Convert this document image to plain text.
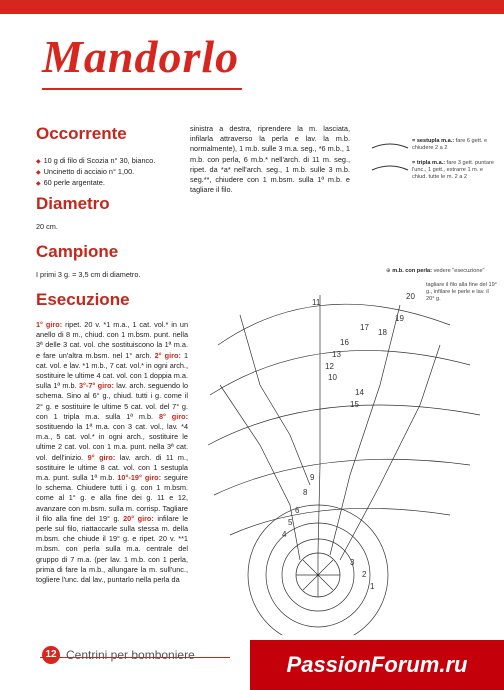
Mandorlo
Occorrente
◆ 10 g di filo di Scozia n° 30, bianco.
◆ Uncinetto di acciaio n° 1,00.
◆ 60 perle argentate.
Diametro

20 cm.

Campione

I primi 3 g. = 3,5 cm di diametro.

Esecuzione
1° giro: ripet. 20 v. *1 m.a., 1 cat. vol.* in un anello di 8 m., chiud. con 1 m.bsm. punt. nella 3ª delle 3 cat. vol. che sostituiscono la 1ª m.a. e fare un'altra m.bsm. nel 1° arch. 2° giro: 1 cat. vol. e lav. *1 m.b., 7 cat. vol.* in ogni arch., sostituire le ultime 4 cat. vol. con 1 doppia m.a. sulla 1ª m.b. 3°-7° giro: lav. arch. seguendo lo schema. Sino al 6° g., chiud. tutti i g. come il 2° g. e sostituire le ultime 5 cat. vol. del 7° g. con 1 tripla m.a. sulla 1ª m.b. 8° giro: sostituendo la 1ª m.a. con 3 cat. vol., lav. *4 m.a., 5 cat. vol.* in ogni arch., sostituire le ultime 2 cat. vol. con 1 m.a. punt. nella 3ª cat. vol. dell'inizio. 9° giro: lav. arch. di 11 m., sostituire le ultime 8 cat. vol. con 1 sestupla m.a. punt. sulla 1ª m.b. 10°-19° giro: seguire lo schema. Chiudere tutti i g. con 1 m.bsm. come al 1° g. e alla fine dei g. 11 e 12, avanzare con m.bsm. sulla m. corrisp. Tagliare il filo alla fine del 19° g. 20° giro: infilare le perle sul filo, riattaccarle sulla stessa m. della m.bsm. che chiude il 19° g. e ripet. 20 v. **1 m.bsm. con perla sulla m.a. centrale del gruppo di 7 m.a. (per lav. 1 m.b. con 1 perla, prima di fare la m.b., allungare la m. sull'unc., togliere l'unc. dal lav., puntarlo nella perla da

sinistra a destra, riprendere la m. lasciata, infilarla attraverso la perla e lav. la m.b. normalmente), 1 m.b. sulle 3 m.a. seg., *6 m.b., 1 m.b. con perla, 6 m.b.* nell'arch. di 11 m. seg., ripet. da *a* nell'arch. seg., 1 m.b. sulle 3 m.b. seg.**, chiudere con 1 m.bsm. sulla 1ª m.b. e tagliare il filo.

= sestupla m.a.: fare 6 gett. e chiudere 2 a 2
= tripla m.a.: fare 3 gett. puntare l'unc., 1 gett., estrarre 1 m. e chiud. tutte le m. 2 a 2
⊕ m.b. con perla: vedere "esecuzione"
tagliare il filo alla fine del 19° g., infilare le perle e lav. il 20° g.
11
16
13
12
10
19
14
17
18
15
20
9
8
6
5
4
3
2
1
12 Centrini per bomboniere	PassionForum.ru
